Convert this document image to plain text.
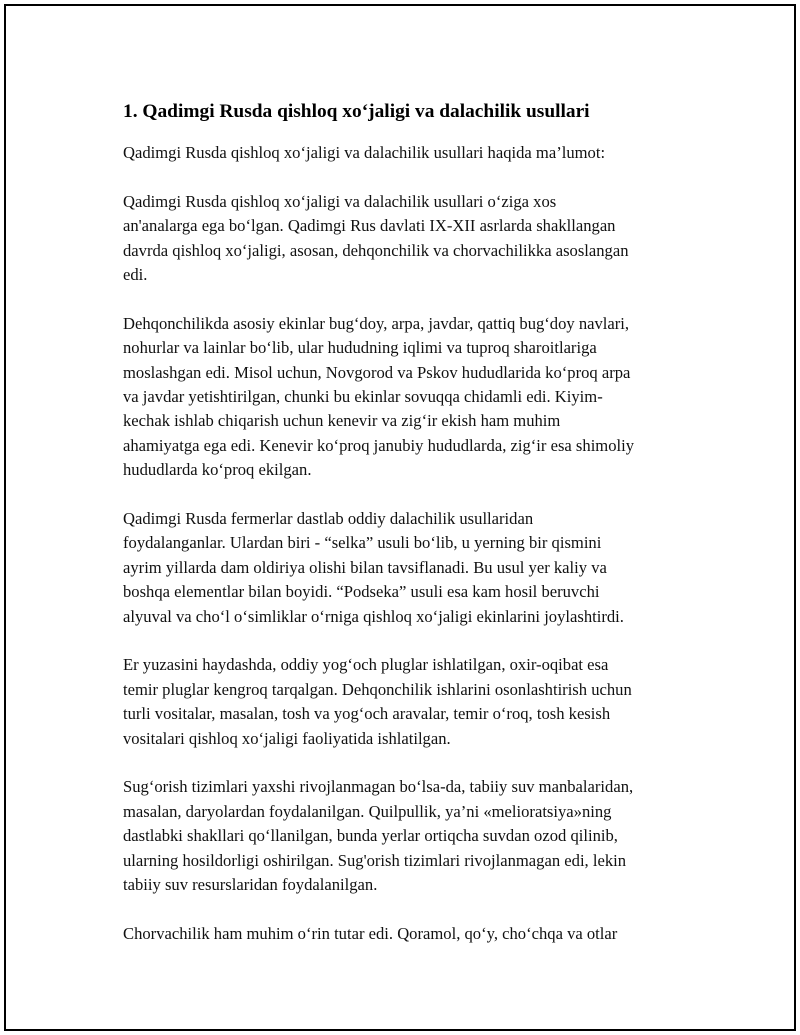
1. Qadimgi Rusda qishloq xo‘jaligi va dalachilik usullari

Qadimgi Rusda qishloq xo‘jaligi va dalachilik usullari haqida ma’lumot:

Qadimgi Rusda qishloq xo‘jaligi va dalachilik usullari o‘ziga xos
an'analarga ega bo‘lgan. Qadimgi Rus davlati IX-XII asrlarda shakllangan
davrda qishloq xo‘jaligi, asosan, dehqonchilik va chorvachilikka asoslangan
edi.

Dehqonchilikda asosiy ekinlar bug‘doy, arpa, javdar, qattiq bug‘doy navlari,
nohurlar va lainlar bo‘lib, ular hududning iqlimi va tuproq sharoitlariga
moslashgan edi. Misol uchun, Novgorod va Pskov hududlarida ko‘proq arpa
va javdar yetishtirilgan, chunki bu ekinlar sovuqqa chidamli edi. Kiyim-
kechak ishlab chiqarish uchun kenevir va zig‘ir ekish ham muhim
ahamiyatga ega edi. Kenevir ko‘proq janubiy hududlarda, zig‘ir esa shimoliy
hududlarda ko‘proq ekilgan.

Qadimgi Rusda fermerlar dastlab oddiy dalachilik usullaridan
foydalanganlar. Ulardan biri - “selka” usuli bo‘lib, u yerning bir qismini
ayrim yillarda dam oldiriya olishi bilan tavsiflanadi. Bu usul yer kaliy va
boshqa elementlar bilan boyidi. “Podseka” usuli esa kam hosil beruvchi
alyuval va cho‘l o‘simliklar o‘rniga qishloq xo‘jaligi ekinlarini joylashtirdi.

Er yuzasini haydashda, oddiy yog‘och pluglar ishlatilgan, oxir-oqibat esa
temir pluglar kengroq tarqalgan. Dehqonchilik ishlarini osonlashtirish uchun
turli vositalar, masalan, tosh va yog‘och aravalar, temir o‘roq, tosh kesish
vositalari qishloq xo‘jaligi faoliyatida ishlatilgan.

Sug‘orish tizimlari yaxshi rivojlanmagan bo‘lsa-da, tabiiy suv manbalaridan,
masalan, daryolardan foydalanilgan. Quilpullik, ya’ni «melioratsiya»ning
dastlabki shakllari qo‘llanilgan, bunda yerlar ortiqcha suvdan ozod qilinib,
ularning hosildorligi oshirilgan. Sug'orish tizimlari rivojlanmagan edi, lekin
tabiiy suv resurslaridan foydalanilgan.

Chorvachilik ham muhim o‘rin tutar edi. Qoramol, qo‘y, cho‘chqa va otlar
